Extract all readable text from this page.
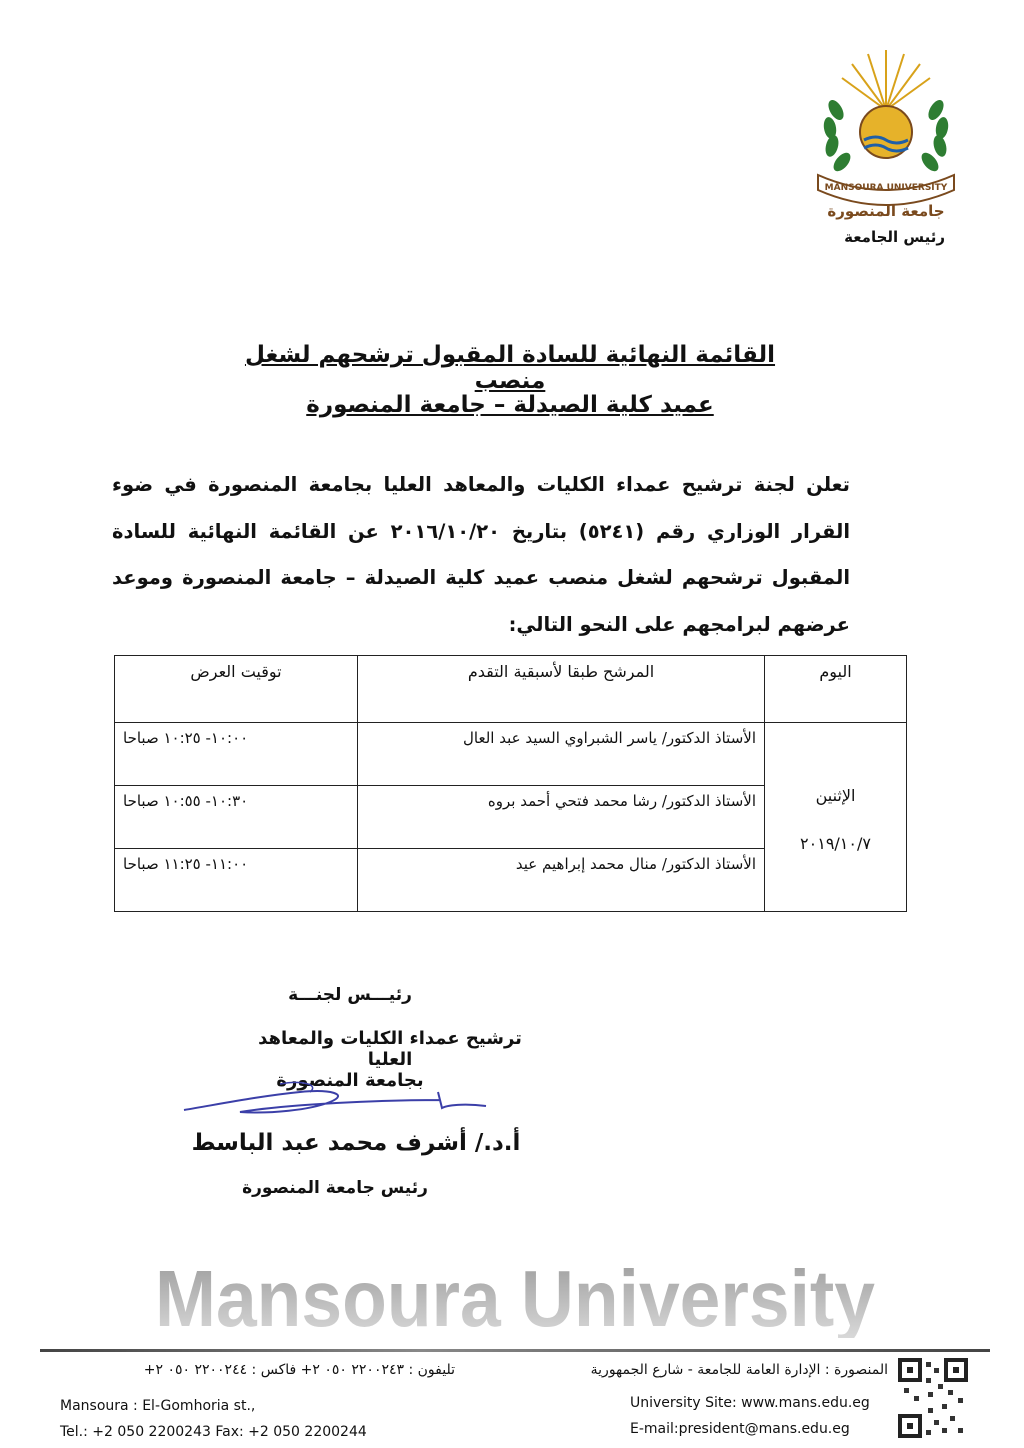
MANSOURA UNIVERSITY
جامعة المنصورة
رئيس الجامعة
القائمة النهائية للسادة المقبول ترشحهم لشغل منصب
عميد كلية الصيدلة – جامعة المنصورة
تعلن لجنة ترشيح عمداء الكليات والمعاهد العليا بجامعة المنصورة في ضوء القرار الوزاري رقم (٥٢٤١) بتاريخ ٢٠١٦/١٠/٢٠ عن القائمة النهائية للسادة المقبول ترشحهم لشغل منصب عميد كلية الصيدلة – جامعة المنصورة وموعد عرضهم لبرامجهم على النحو التالي:
اليوم	المرشح طبقا لأسبقية التقدم	توقيت العرض

الإثنين
٢٠١٩/١٠/٧	الأستاذ الدكتور/ ياسر الشبراوي السيد عبد العال	١٠:٠٠- ١٠:٢٥ صباحا
	الأستاذ الدكتور/ رشا محمد فتحي أحمد بروه	١٠:٣٠- ١٠:٥٥ صباحا
	الأستاذ الدكتور/ منال محمد إبراهيم عيد	١١:٠٠- ١١:٢٥ صباحا
رئيـــس لجنـــة
ترشيح عمداء الكليات والمعاهد العليا
بجامعة المنصورة
أ.د./ أشرف محمد عبد الباسط
رئيس جامعة المنصورة
Mansoura University
تليفون : ٢٢٠٠٢٤٣ ٠٥٠ ٢+ فاكس : ٢٢٠٠٢٤٤ ٠٥٠ ٢+	المنصورة : الإدارة العامة للجامعة - شارع الجمهورية
Mansoura : El-Gomhoria st.,
Tel.: +2 050 2200243 Fax: +2 050 2200244
University Site: www.mans.edu.eg
E-mail:president@mans.edu.eg
